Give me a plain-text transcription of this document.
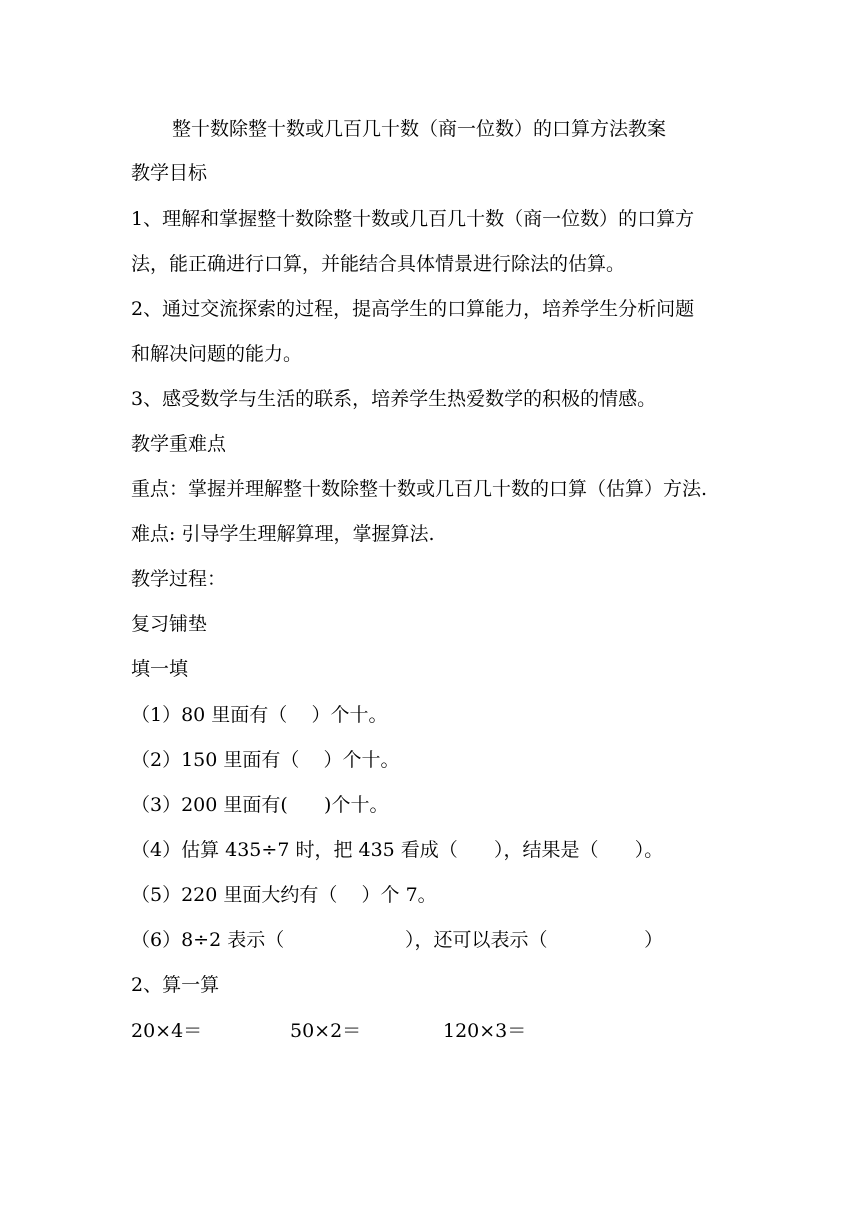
整十数除整十数或几百几十数（商一位数）的口算方法教案
教学目标
1、理解和掌握整十数除整十数或几百几十数（商一位数）的口算方
法，能正确进行口算，并能结合具体情景进行除法的估算。
2、通过交流探索的过程，提高学生的口算能力，培养学生分析问题
和解决问题的能力。
3、感受数学与生活的联系，培养学生热爱数学的积极的情感。
教学重难点
重点：掌握并理解整十数除整十数或几百几十数的口算（估算）方法.
难点: 引导学生理解算理，掌握算法.
教学过程：
复习铺垫
填一填
（1）80 里面有（    ）个十。
（2）150 里面有（    ）个十。
（3）200 里面有(      )个十。
（4）估算 435÷7 时，把 435 看成（      ），结果是（      ）。
（5）220 里面大约有（    ）个 7。
（6）8÷2 表示（                    ），还可以表示（                ）
2、算一算
20×4＝	50×2＝	120×3＝
